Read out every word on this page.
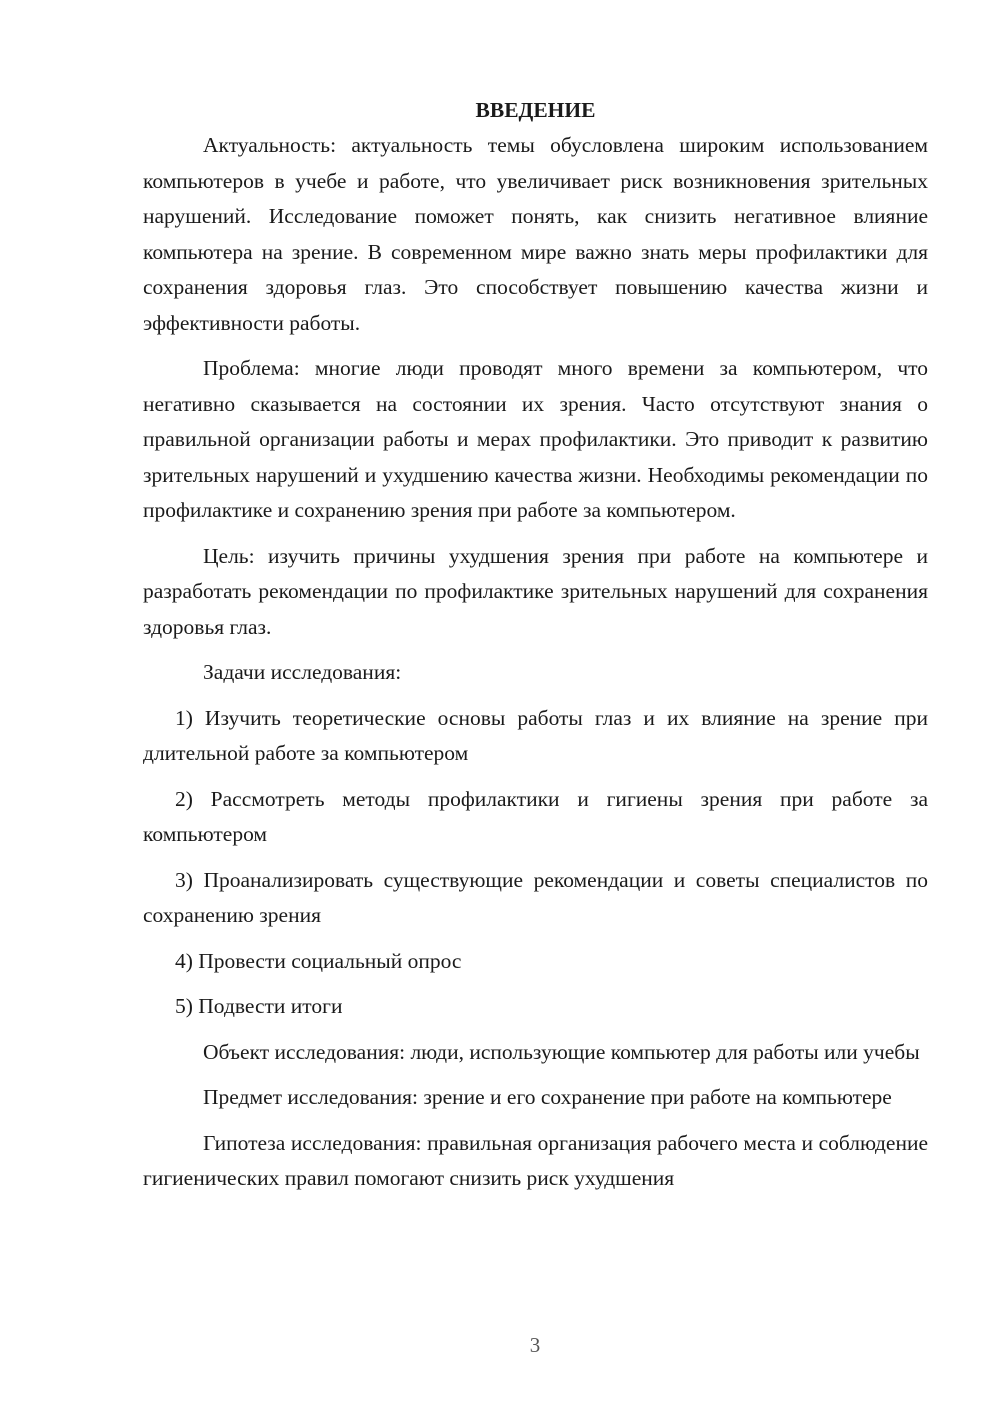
ВВЕДЕНИЕ

Актуальность: актуальность темы обусловлена широким использованием компьютеров в учебе и работе, что увеличивает риск возникновения зрительных нарушений. Исследование поможет понять, как снизить негативное влияние компьютера на зрение. В современном мире важно знать меры профилактики для сохранения здоровья глаз. Это способствует повышению качества жизни и эффективности работы.

Проблема: многие люди проводят много времени за компьютером, что негативно сказывается на состоянии их зрения. Часто отсутствуют знания о правильной организации работы и мерах профилактики. Это приводит к развитию зрительных нарушений и ухудшению качества жизни. Необходимы рекомендации по профилактике и сохранению зрения при работе за компьютером.

Цель: изучить причины ухудшения зрения при работе на компьютере и разработать рекомендации по профилактике зрительных нарушений для сохранения здоровья глаз.

Задачи исследования:

1) Изучить теоретические основы работы глаз и их влияние на зрение при длительной работе за компьютером

2) Рассмотреть методы профилактики и гигиены зрения при работе за компьютером

3) Проанализировать существующие рекомендации и советы специалистов по сохранению зрения

4) Провести социальный опрос

5) Подвести итоги

Объект исследования: люди, использующие компьютер для работы или учебы

Предмет исследования: зрение и его сохранение при работе на компьютере

Гипотеза исследования: правильная организация рабочего места и соблюдение гигиенических правил помогают снизить риск ухудшения

3
